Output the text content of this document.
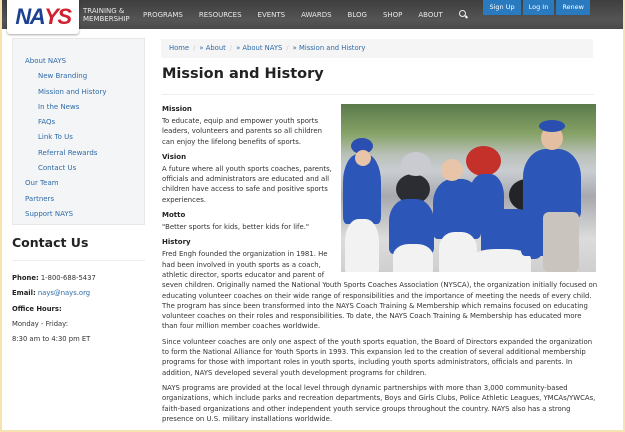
NA YS TRAINING & MEMBERSHIP	PROGRAMS RESOURCES EVENTS AWARDS BLOG SHOP ABOUT
Sign Up	Log In	Renew
About NAYS
New Branding
Mission and History
In the News
FAQs
Link To Us
Referral Rewards
Contact Us
Our Team
Partners
Support NAYS
Contact Us
Phone: 1-800-688-5437
Email: nays@nays.org
Office Hours:
Monday - Friday:
8:30 am to 4:30 pm ET
Home / » About / » About NAYS / » Mission and History
Mission and History
Mission

To educate, equip and empower youth sports leaders, volunteers and parents so all children can enjoy the lifelong benefits of sports.

Vision

A future where all youth sports coaches, parents, officials and administrators are educated and all children have access to safe and positive sports experiences.

Motto

"Better sports for kids, better kids for life."

History

Fred Engh founded the organization in 1981. He had been involved in youth sports as a coach, athletic director, sports educator and parent of seven children. Originally named the National Youth Sports Coaches Association (NYSCA), the organization initially focused on educating volunteer coaches on their wide range of responsibilities and the importance of meeting the needs of every child. The program has since been transformed into the NAYS Coach Training & Membership which remains focused on educating volunteer coaches on their roles and responsibilities. To date, the NAYS Coach Training & Membership has educated more than four million member coaches worldwide.

Since volunteer coaches are only one aspect of the youth sports equation, the Board of Directors expanded the organization to form the National Alliance for Youth Sports in 1993. This expansion led to the creation of several additional membership programs for those with important roles in youth sports, including youth sports administrators, officials and parents. In addition, NAYS developed several youth development programs for children.

NAYS programs are provided at the local level through dynamic partnerships with more than 3,000 community-based organizations, which include parks and recreation departments, Boys and Girls Clubs, Police Athletic Leagues, YMCAs/YWCAs, faith-based organizations and other independent youth service groups throughout the country. NAYS also has a strong presence on U.S. military installations worldwide.
